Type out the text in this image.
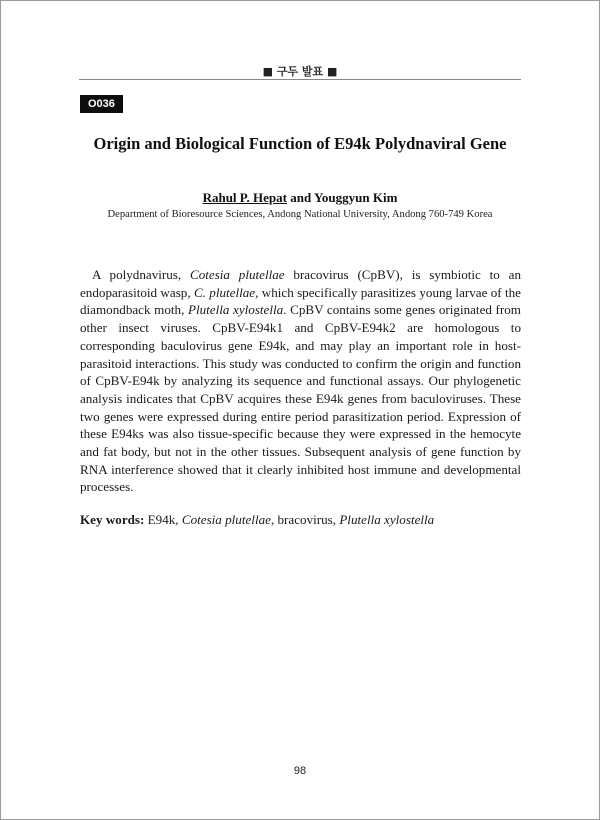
■ 구두 발표 ■
O036
Origin and Biological Function of E94k Polydnaviral Gene
Rahul P. Hepat and Youggyun Kim
Department of Bioresource Sciences, Andong National University, Andong 760-749 Korea

A polydnavirus, Cotesia plutellae bracovirus (CpBV), is symbiotic to an endoparasitoid wasp, C. plutellae, which specifically parasitizes young larvae of the diamondback moth, Plutella xylostella. CpBV contains some genes originated from other insect viruses. CpBV-E94k1 and CpBV-E94k2 are homologous to corresponding baculovirus gene E94k, and may play an important role in host-parasitoid interactions. This study was conducted to confirm the origin and function of CpBV-E94k by analyzing its sequence and functional assays. Our phylogenetic analysis indicates that CpBV acquires these E94k genes from baculoviruses. These two genes were expressed during entire period parasitization period. Expression of these E94ks was also tissue-specific because they were expressed in the hemocyte and fat body, but not in the other tissues. Subsequent analysis of gene function by RNA interference showed that it clearly inhibited host immune and developmental processes.

Key words: E94k, Cotesia plutellae, bracovirus, Plutella xylostella
98
